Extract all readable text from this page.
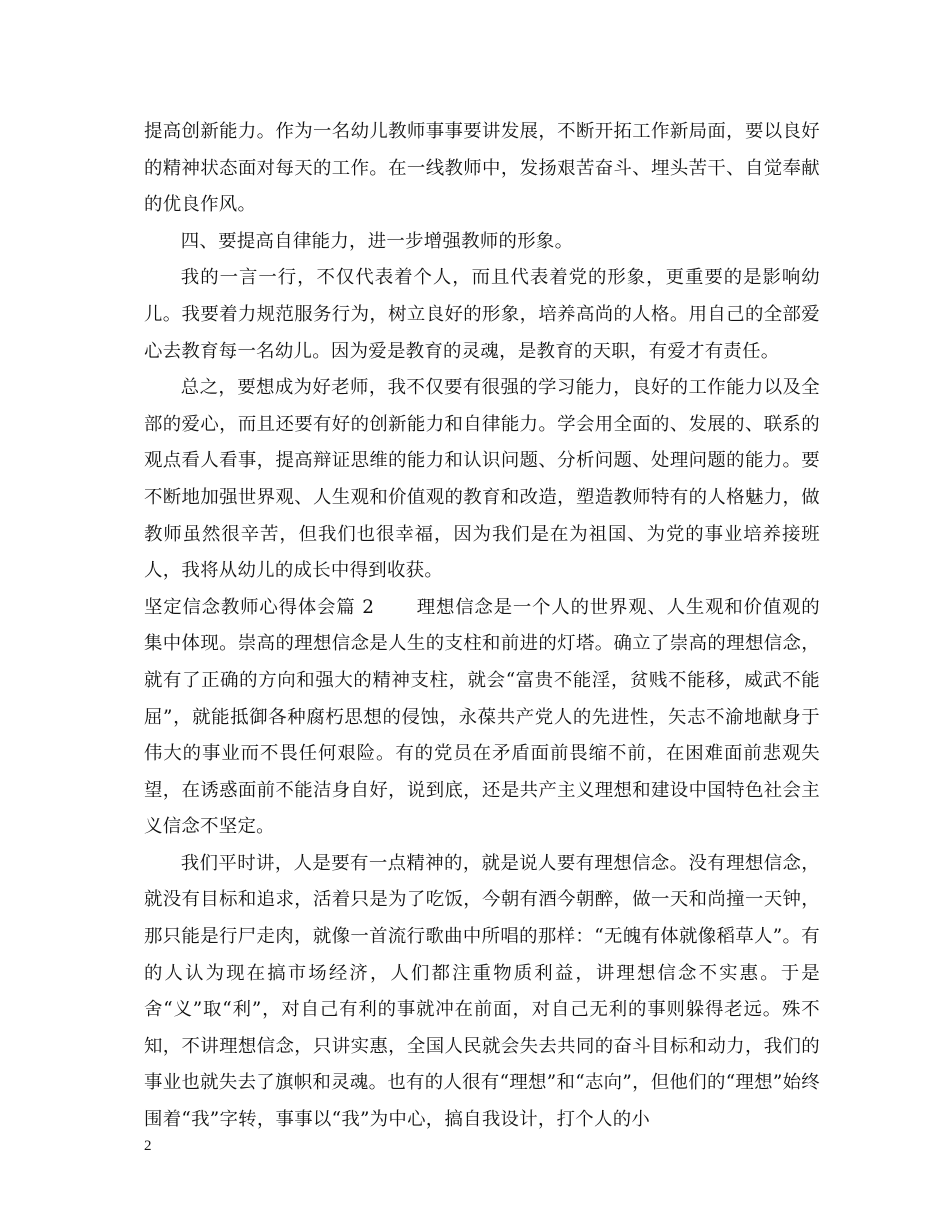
提高创新能力。作为一名幼儿教师事事要讲发展，不断开拓工作新局面，要以良好的精神状态面对每天的工作。在一线教师中，发扬艰苦奋斗、埋头苦干、自觉奉献的优良作风。

四、要提高自律能力，进一步增强教师的形象。

我的一言一行，不仅代表着个人，而且代表着党的形象，更重要的是影响幼儿。我要着力规范服务行为，树立良好的形象，培养高尚的人格。用自己的全部爱心去教育每一名幼儿。因为爱是教育的灵魂，是教育的天职，有爱才有责任。

总之，要想成为好老师，我不仅要有很强的学习能力，良好的工作能力以及全部的爱心，而且还要有好的创新能力和自律能力。学会用全面的、发展的、联系的观点看人看事，提高辩证思维的能力和认识问题、分析问题、处理问题的能力。要不断地加强世界观、人生观和价值观的教育和改造，塑造教师特有的人格魅力，做教师虽然很辛苦，但我们也很幸福，因为我们是在为祖国、为党的事业培养接班人，我将从幼儿的成长中得到收获。

坚定信念教师心得体会篇 2 理想信念是一个人的世界观、人生观和价值观的集中体现。崇高的理想信念是人生的支柱和前进的灯塔。确立了崇高的理想信念，就有了正确的方向和强大的精神支柱，就会“富贵不能淫，贫贱不能移，威武不能屈”，就能抵御各种腐朽思想的侵蚀，永葆共产党人的先进性，矢志不渝地献身于伟大的事业而不畏任何艰险。有的党员在矛盾面前畏缩不前，在困难面前悲观失望，在诱惑面前不能洁身自好，说到底，还是共产主义理想和建设中国特色社会主义信念不坚定。

我们平时讲，人是要有一点精神的，就是说人要有理想信念。没有理想信念，就没有目标和追求，活着只是为了吃饭，今朝有酒今朝醉，做一天和尚撞一天钟，那只能是行尸走肉，就像一首流行歌曲中所唱的那样：“无魄有体就像稻草人”。有的人认为现在搞市场经济，人们都注重物质利益，讲理想信念不实惠。于是舍“义”取“利”，对自己有利的事就冲在前面，对自己无利的事则躲得老远。殊不知，不讲理想信念，只讲实惠，全国人民就会失去共同的奋斗目标和动力，我们的事业也就失去了旗帜和灵魂。也有的人很有“理想”和“志向”，但他们的“理想”始终围着“我”字转，事事以“我”为中心，搞自我设计，打个人的小

2
